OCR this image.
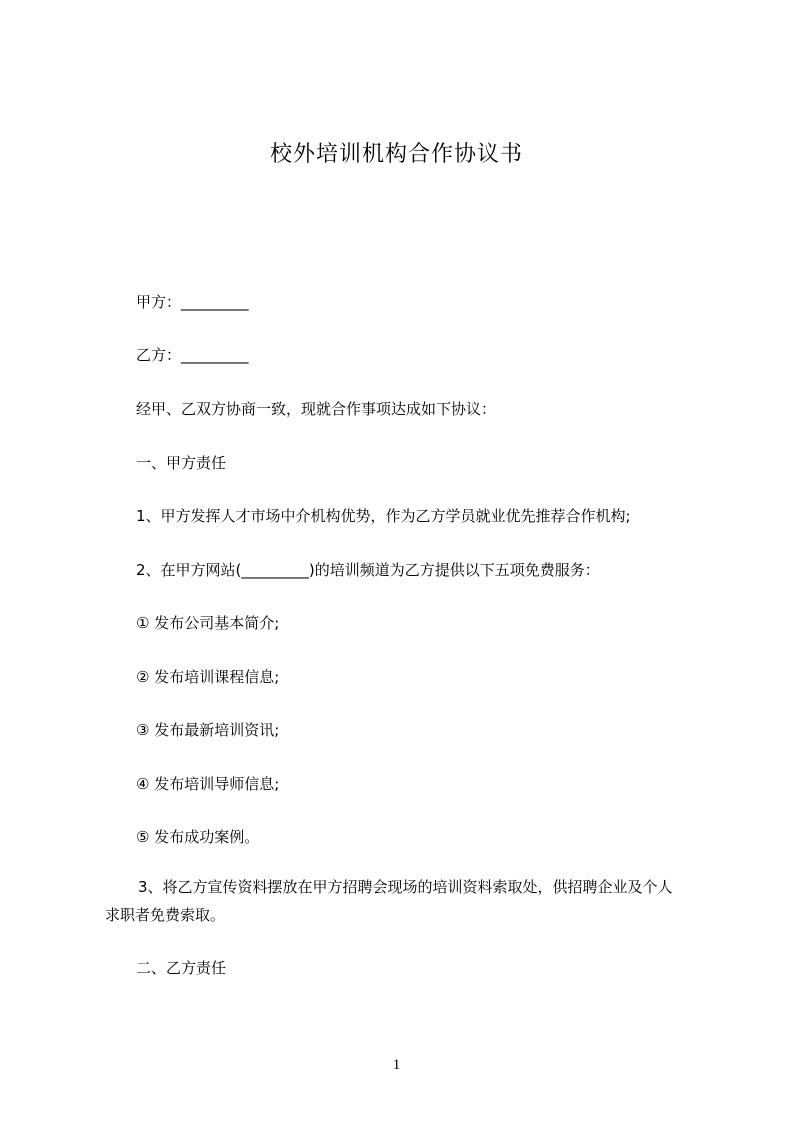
校外培训机构合作协议书
甲方：_________
乙方：_________
经甲、乙双方协商一致，现就合作事项达成如下协议：
一、甲方责任
1、甲方发挥人才市场中介机构优势，作为乙方学员就业优先推荐合作机构;
2、在甲方网站(_________)的培训频道为乙方提供以下五项免费服务：
① 发布公司基本简介;
② 发布培训课程信息;
③ 发布最新培训资讯;
④ 发布培训导师信息;
⑤ 发布成功案例。
3、将乙方宣传资料摆放在甲方招聘会现场的培训资料索取处，供招聘企业及个人
求职者免费索取。
二、乙方责任
1
